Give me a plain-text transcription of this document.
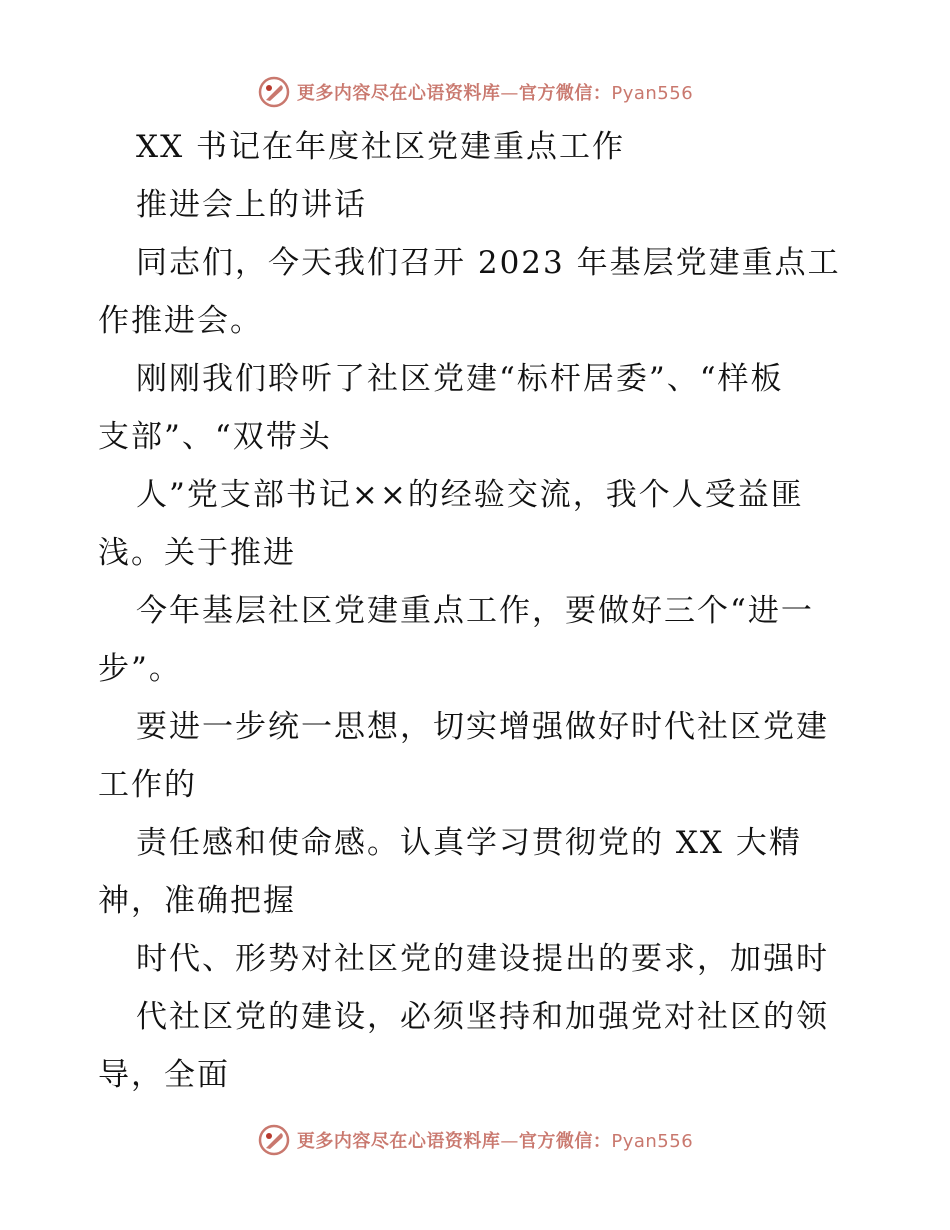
更多内容尽在心语资料库—官方微信：Pyan556
XX 书记在年度社区党建重点工作
推进会上的讲话
同志们，今天我们召开 2023 年基层党建重点工
作推进会。
刚刚我们聆听了社区党建“标杆居委”、“样板
支部”、“双带头
人”党支部书记××的经验交流，我个人受益匪
浅。关于推进
今年基层社区党建重点工作，要做好三个“进一
步”。
要进一步统一思想，切实增强做好时代社区党建
工作的
责任感和使命感。认真学习贯彻党的 XX 大精
神，准确把握
时代、形势对社区党的建设提出的要求，加强时
代社区党的建设，必须坚持和加强党对社区的领
导，全面
更多内容尽在心语资料库—官方微信：Pyan556
